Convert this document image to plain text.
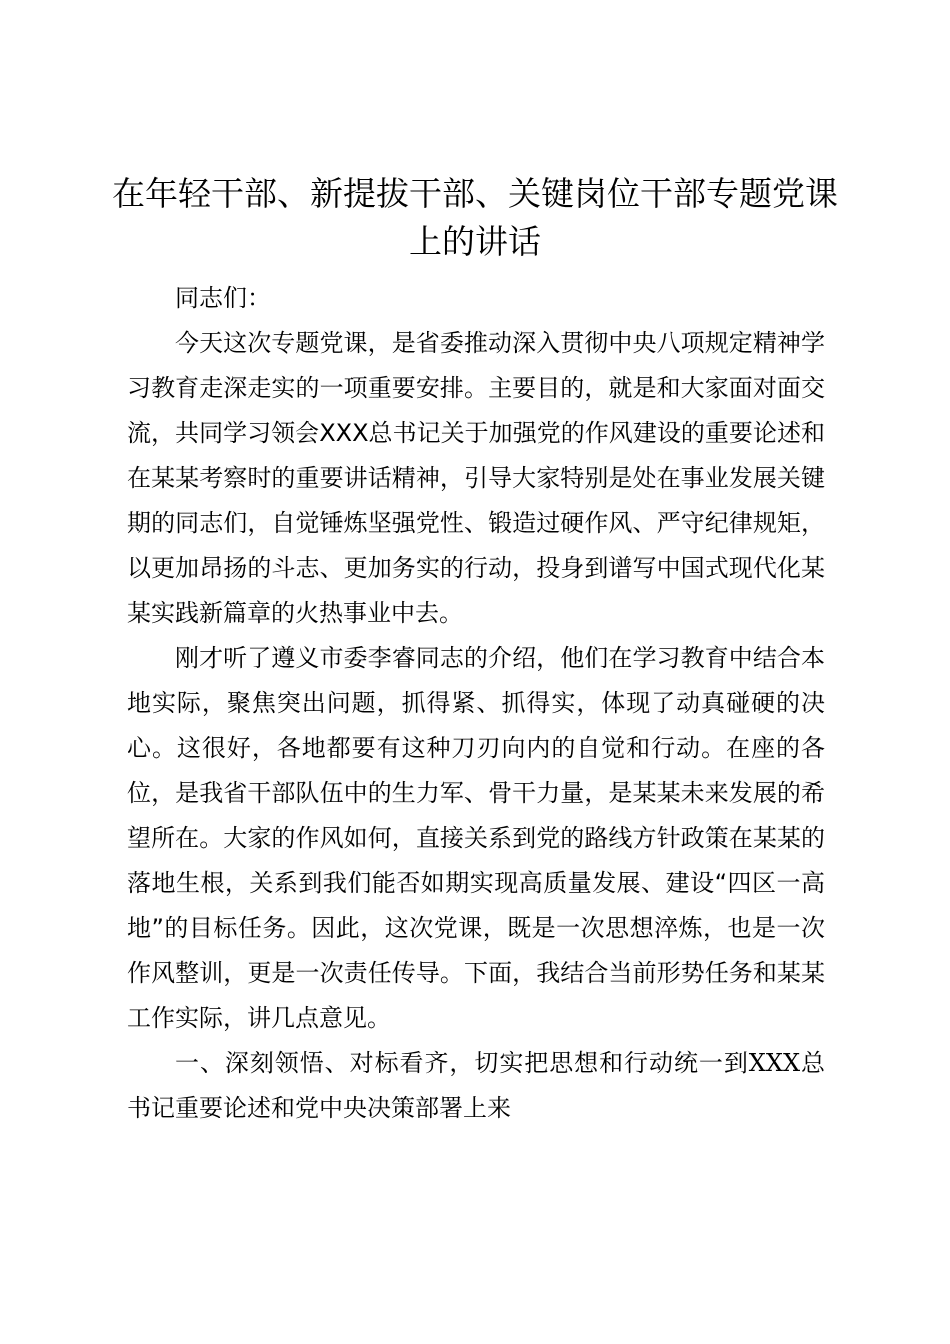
在年轻干部、新提拔干部、关键岗位干部专题党课上的讲话

同志们：

今天这次专题党课，是省委推动深入贯彻中央八项规定精神学习教育走深走实的一项重要安排。主要目的，就是和大家面对面交流，共同学习领会XXX总书记关于加强党的作风建设的重要论述和在某某考察时的重要讲话精神，引导大家特别是处在事业发展关键期的同志们，自觉锤炼坚强党性、锻造过硬作风、严守纪律规矩，以更加昂扬的斗志、更加务实的行动，投身到谱写中国式现代化某某实践新篇章的火热事业中去。

刚才听了遵义市委李睿同志的介绍，他们在学习教育中结合本地实际，聚焦突出问题，抓得紧、抓得实，体现了动真碰硬的决心。这很好，各地都要有这种刀刃向内的自觉和行动。在座的各位，是我省干部队伍中的生力军、骨干力量，是某某未来发展的希望所在。大家的作风如何，直接关系到党的路线方针政策在某某的落地生根，关系到我们能否如期实现高质量发展、建设“四区一高地”的目标任务。因此，这次党课，既是一次思想淬炼，也是一次作风整训，更是一次责任传导。下面，我结合当前形势任务和某某工作实际，讲几点意见。

一、深刻领悟、对标看齐，切实把思想和行动统一到XXX总书记重要论述和党中央决策部署上来
